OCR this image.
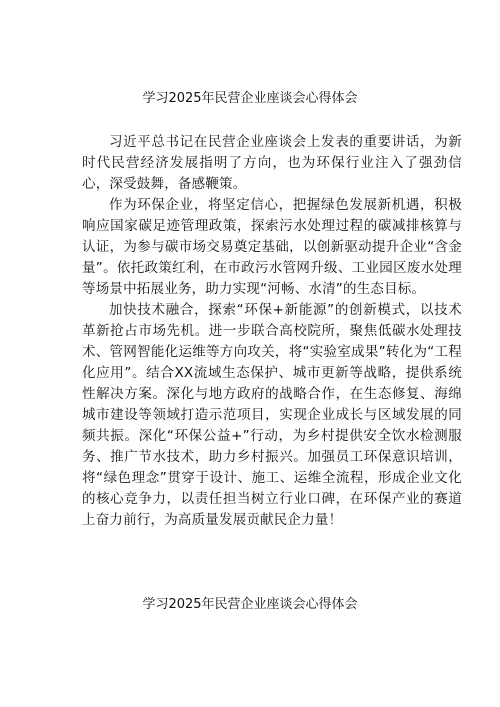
学习2025年民营企业座谈会心得体会

习近平总书记在民营企业座谈会上发表的重要讲话，为新时代民营经济发展指明了方向，也为环保行业注入了强劲信心，深受鼓舞，备感鞭策。

作为环保企业，将坚定信心，把握绿色发展新机遇，积极响应国家碳足迹管理政策，探索污水处理过程的碳减排核算与认证，为参与碳市场交易奠定基础，以创新驱动提升企业“含金量”。依托政策红利，在市政污水管网升级、工业园区废水处理等场景中拓展业务，助力实现“河畅、水清”的生态目标。

加快技术融合，探索“环保+新能源”的创新模式，以技术革新抢占市场先机。进一步联合高校院所，聚焦低碳水处理技术、管网智能化运维等方向攻关，将“实验室成果”转化为“工程化应用”。结合XX流域生态保护、城市更新等战略，提供系统性解决方案。深化与地方政府的战略合作，在生态修复、海绵城市建设等领域打造示范项目，实现企业成长与区域发展的同频共振。深化“环保公益+”行动，为乡村提供安全饮水检测服务、推广节水技术，助力乡村振兴。加强员工环保意识培训，将“绿色理念”贯穿于设计、施工、运维全流程，形成企业文化的核心竞争力，以责任担当树立行业口碑，在环保产业的赛道上奋力前行，为高质量发展贡献民企力量！

学习2025年民营企业座谈会心得体会
